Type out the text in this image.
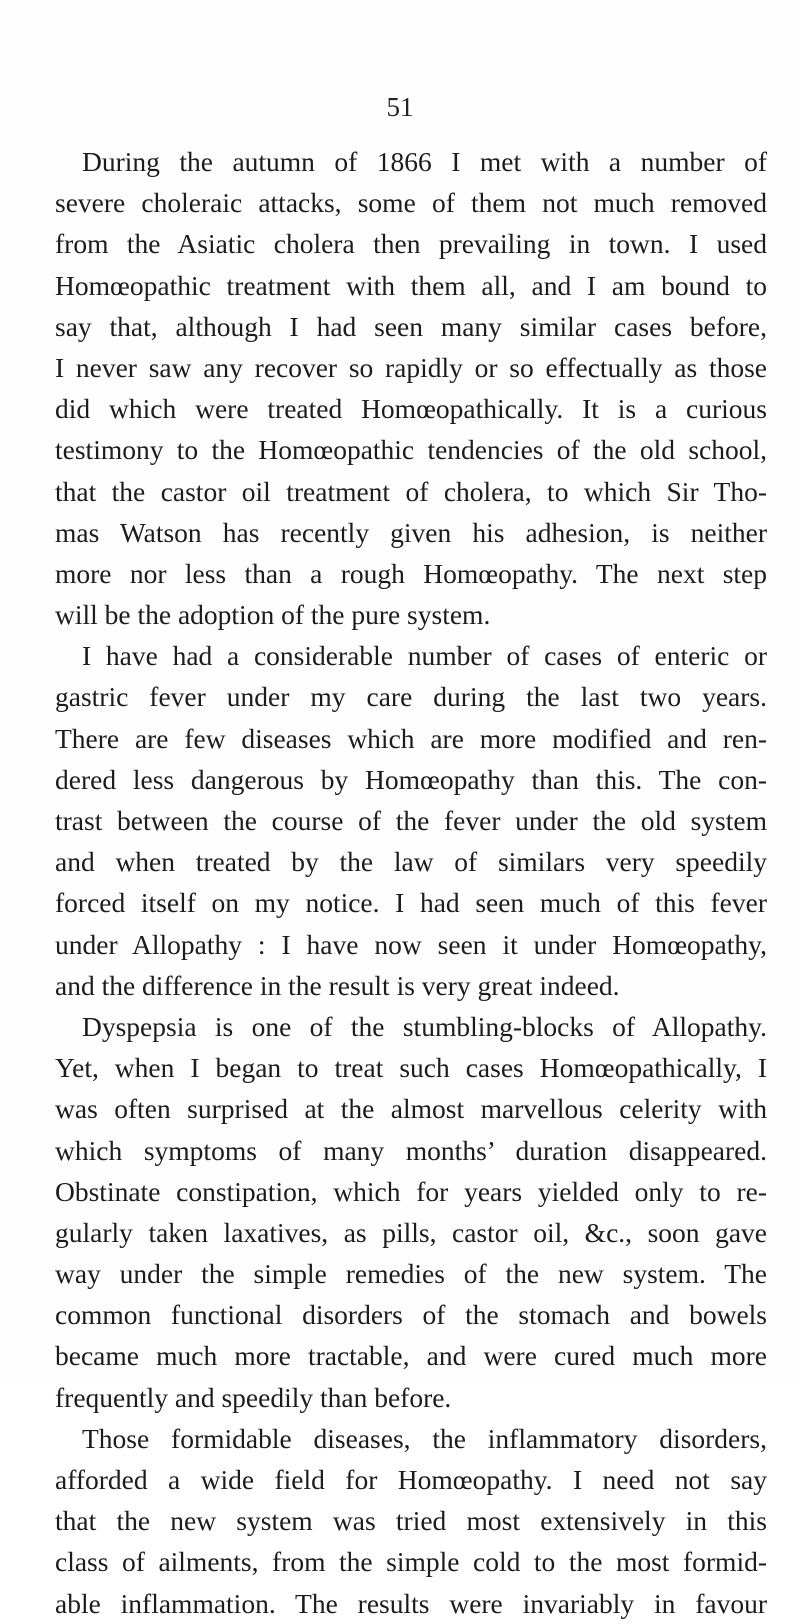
51
During the autumn of 1866 I met with a number of
severe choleraic attacks, some of them not much removed
from the Asiatic cholera then prevailing in town. I used
Homœopathic treatment with them all, and I am bound to
say that, although I had seen many similar cases before,
I never saw any recover so rapidly or so effectually as those
did which were treated Homœopathically. It is a curious
testimony to the Homœopathic tendencies of the old school,
that the castor oil treatment of cholera, to which Sir Tho-
mas Watson has recently given his adhesion, is neither
more nor less than a rough Homœopathy. The next step
will be the adoption of the pure system.
I have had a considerable number of cases of enteric or
gastric fever under my care during the last two years.
There are few diseases which are more modified and ren-
dered less dangerous by Homœopathy than this. The con-
trast between the course of the fever under the old system
and when treated by the law of similars very speedily
forced itself on my notice. I had seen much of this fever
under Allopathy : I have now seen it under Homœopathy,
and the difference in the result is very great indeed.
Dyspepsia is one of the stumbling-blocks of Allopathy.
Yet, when I began to treat such cases Homœopathically, I
was often surprised at the almost marvellous celerity with
which symptoms of many months’ duration disappeared.
Obstinate constipation, which for years yielded only to re-
gularly taken laxatives, as pills, castor oil, &c., soon gave
way under the simple remedies of the new system. The
common functional disorders of the stomach and bowels
became much more tractable, and were cured much more
frequently and speedily than before.
Those formidable diseases, the inflammatory disorders,
afforded a wide field for Homœopathy. I need not say
that the new system was tried most extensively in this
class of ailments, from the simple cold to the most formid-
able inflammation. The results were invariably in favour
